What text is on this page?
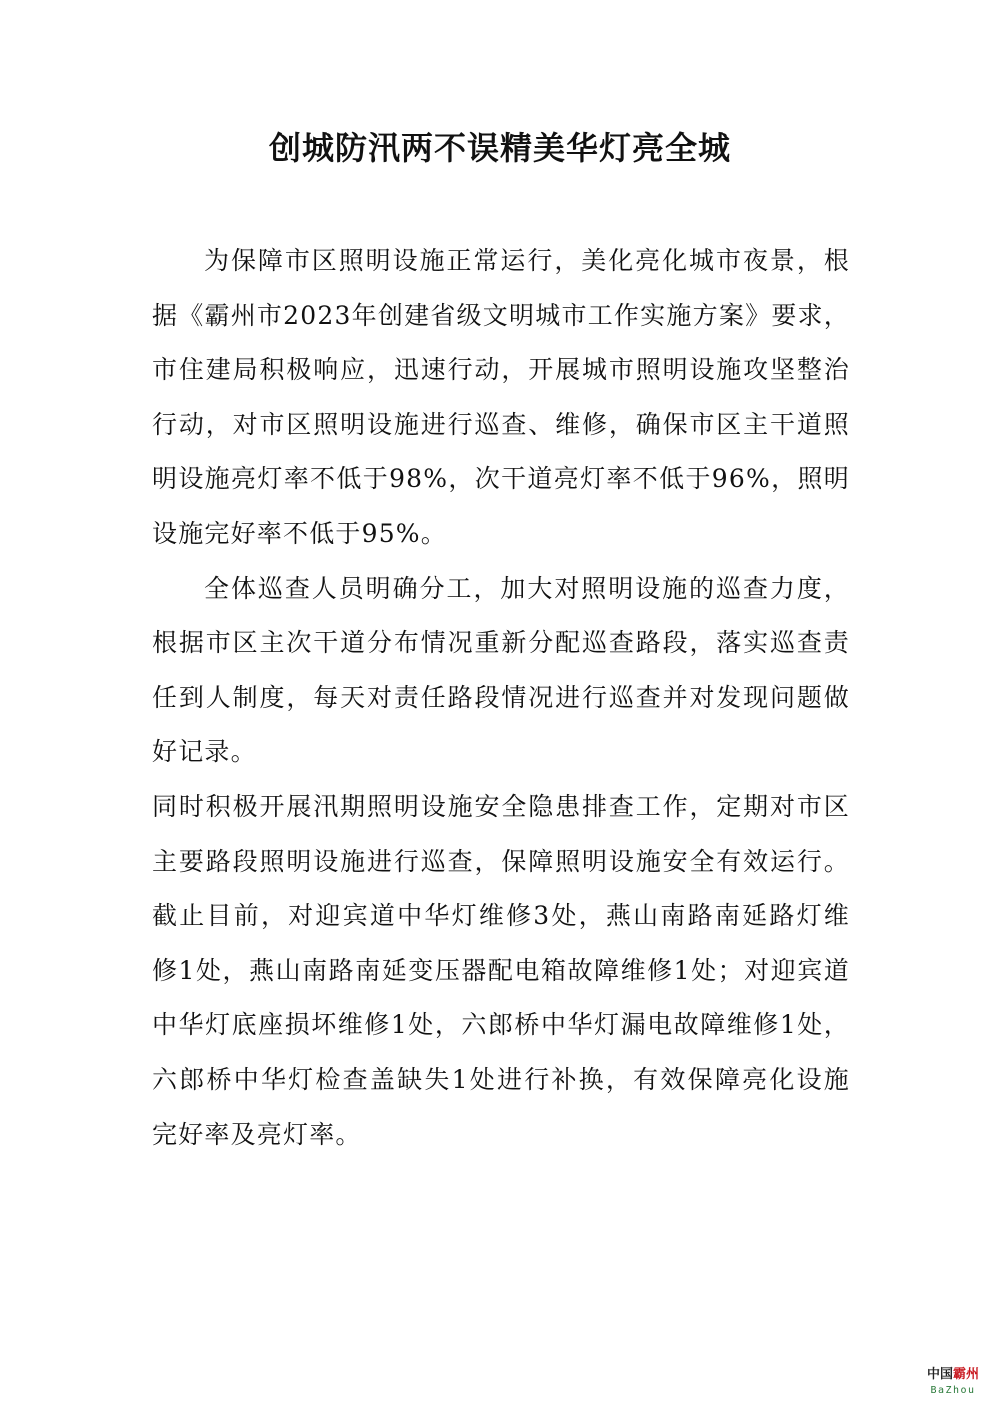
创城防汛两不误精美华灯亮全城

为保障市区照明设施正常运行，美化亮化城市夜景，根据《霸州市2023年创建省级文明城市工作实施方案》要求，市住建局积极响应，迅速行动，开展城市照明设施攻坚整治行动，对市区照明设施进行巡查、维修，确保市区主干道照明设施亮灯率不低于98%，次干道亮灯率不低于96%，照明设施完好率不低于95%。

全体巡查人员明确分工，加大对照明设施的巡查力度，根据市区主次干道分布情况重新分配巡查路段，落实巡查责任到人制度，每天对责任路段情况进行巡查并对发现问题做好记录。

同时积极开展汛期照明设施安全隐患排查工作，定期对市区主要路段照明设施进行巡查，保障照明设施安全有效运行。截止目前，对迎宾道中华灯维修3处，燕山南路南延路灯维修1处，燕山南路南延变压器配电箱故障维修1处；对迎宾道中华灯底座损坏维修1处，六郎桥中华灯漏电故障维修1处，六郎桥中华灯检查盖缺失1处进行补换，有效保障亮化设施完好率及亮灯率。

中国霸州
BaZhou
